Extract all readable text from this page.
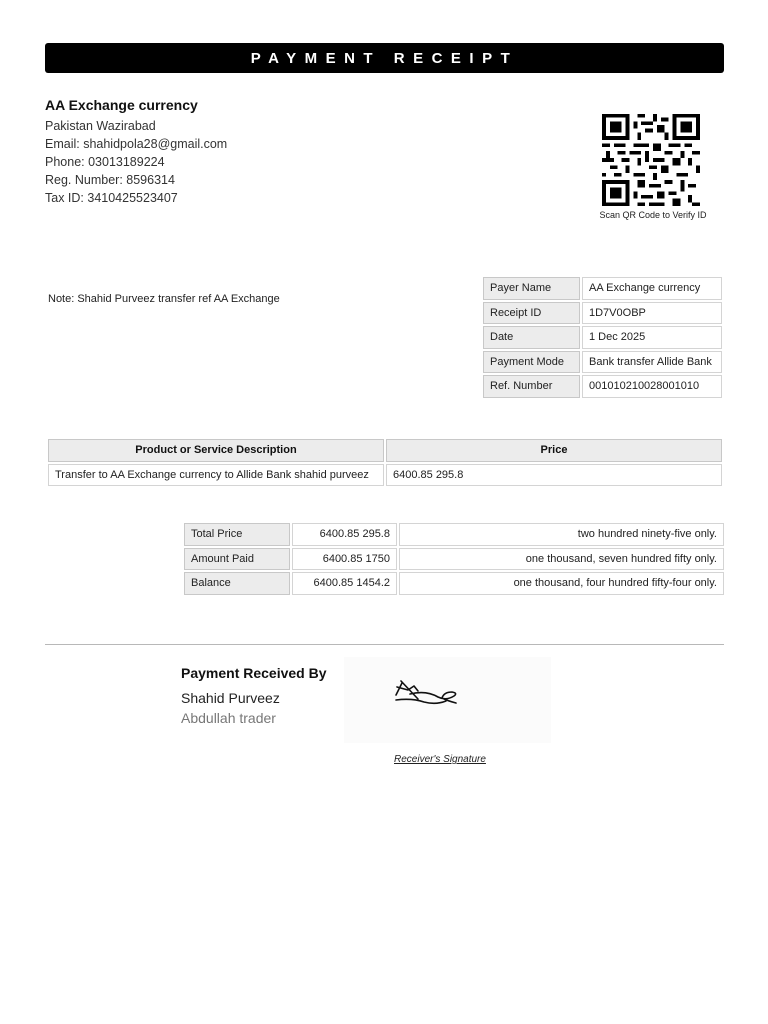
PAYMENT RECEIPT
AA Exchange currency
Pakistan Wazirabad
Email: shahidpola28@gmail.com
Phone: 03013189224
Reg. Number: 8596314
Tax ID: 3410425523407
Scan QR Code to Verify ID
Note: Shahid Purveez transfer ref AA Exchange
Payer Name	AA Exchange currency
Receipt ID	1D7V0OBP
Date	1 Dec 2025
Payment Mode	Bank transfer Allide Bank
Ref. Number	001010210028001010
Product or Service Description	Price
Transfer to AA Exchange currency to Allide Bank shahid purveez	6400.85 295.8
Total Price	6400.85 295.8	two hundred ninety-five only.
Amount Paid	6400.85 1750	one thousand, seven hundred fifty only.
Balance	6400.85 1454.2	one thousand, four hundred fifty-four only.
Payment Received By
Shahid Purveez
Abdullah trader
Receiver's Signature
